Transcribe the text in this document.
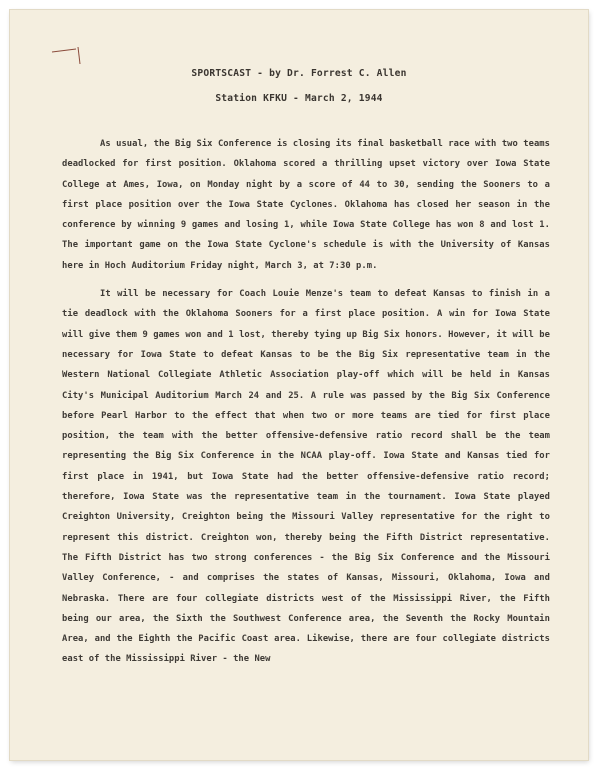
SPORTSCAST - by Dr. Forrest C. Allen
Station KFKU - March 2, 1944

As usual, the Big Six Conference is closing its final basketball race with two teams deadlocked for first position. Oklahoma scored a thrilling upset victory over Iowa State College at Ames, Iowa, on Monday night by a score of 44 to 30, sending the Sooners to a first place position over the Iowa State Cyclones. Oklahoma has closed her season in the conference by winning 9 games and losing 1, while Iowa State College has won 8 and lost 1. The important game on the Iowa State Cyclone's schedule is with the University of Kansas here in Hoch Auditorium Friday night, March 3, at 7:30 p.m.

It will be necessary for Coach Louie Menze's team to defeat Kansas to finish in a tie deadlock with the Oklahoma Sooners for a first place position. A win for Iowa State will give them 9 games won and 1 lost, thereby tying up Big Six honors. However, it will be necessary for Iowa State to defeat Kansas to be the Big Six representative team in the Western National Collegiate Athletic Association play-off which will be held in Kansas City's Municipal Auditorium March 24 and 25. A rule was passed by the Big Six Conference before Pearl Harbor to the effect that when two or more teams are tied for first place position, the team with the better offensive-defensive ratio record shall be the team representing the Big Six Conference in the NCAA play-off. Iowa State and Kansas tied for first place in 1941, but Iowa State had the better offensive-defensive ratio record; therefore, Iowa State was the representative team in the tournament. Iowa State played Creighton University, Creighton being the Missouri Valley representative for the right to represent this district. Creighton won, thereby being the Fifth District representative. The Fifth District has two strong conferences - the Big Six Conference and the Missouri Valley Conference, - and comprises the states of Kansas, Missouri, Oklahoma, Iowa and Nebraska. There are four collegiate districts west of the Mississippi River, the Fifth being our area, the Sixth the Southwest Conference area, the Seventh the Rocky Mountain Area, and the Eighth the Pacific Coast area. Likewise, there are four collegiate districts east of the Mississippi River - the New
